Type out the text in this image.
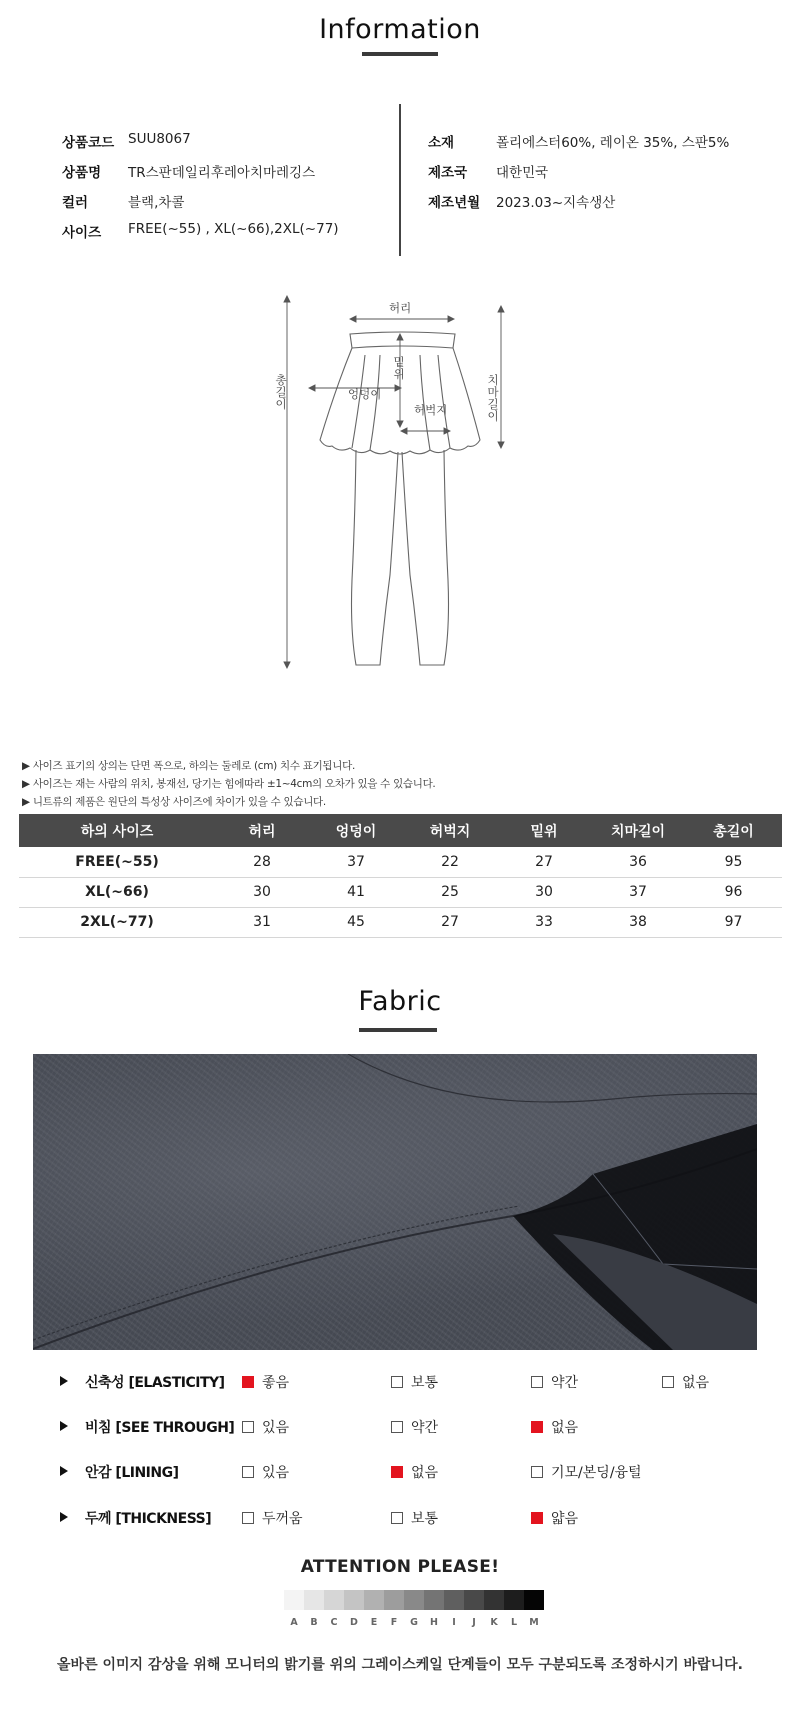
Information
상품코드	SUU8067
상품명	TR스판데일리후레아치마레깅스
컬러	블랙,차콜
사이즈	FREE(~55) , XL(~66),2XL(~77)
소재	폴리에스터60%, 레이온 35%, 스판5%
제조국	대한민국
제조년월	2023.03~지속생산
허리
밑위
엉덩이
허벅지
총길이
치마길이
▶ 사이즈 표기의 상의는 단면 폭으로, 하의는 둘레로 (cm) 치수 표기됩니다.
▶ 사이즈는 재는 사람의 위치, 봉재선, 당기는 힘에따라 ±1~4cm의 오차가 있을 수 있습니다.
▶ 니트류의 제품은 원단의 특성상 사이즈에 차이가 있을 수 있습니다.
하의 사이즈	허리	엉덩이	허벅지	밑위	치마길이	총길이
FREE(~55)	28	37	22	27	36	95
XL(~66)	30	41	25	30	37	96
2XL(~77)	31	45	27	33	38	97
Fabric
신축성 [ELASTICITY]	좋음	보통	약간	없음
비침 [SEE THROUGH] 있음	약간	없음
안감 [LINING]	있음	없음	기모/본딩/융털
두께 [THICKNESS]	두꺼움	보통	얇음
ATTENTION PLEASE!
A	B	C	D	E	F	G	H	I	J	K	L	M
올바른 이미지 감상을 위해 모니터의 밝기를 위의 그레이스케일 단계들이 모두 구분되도록 조정하시기 바랍니다.
